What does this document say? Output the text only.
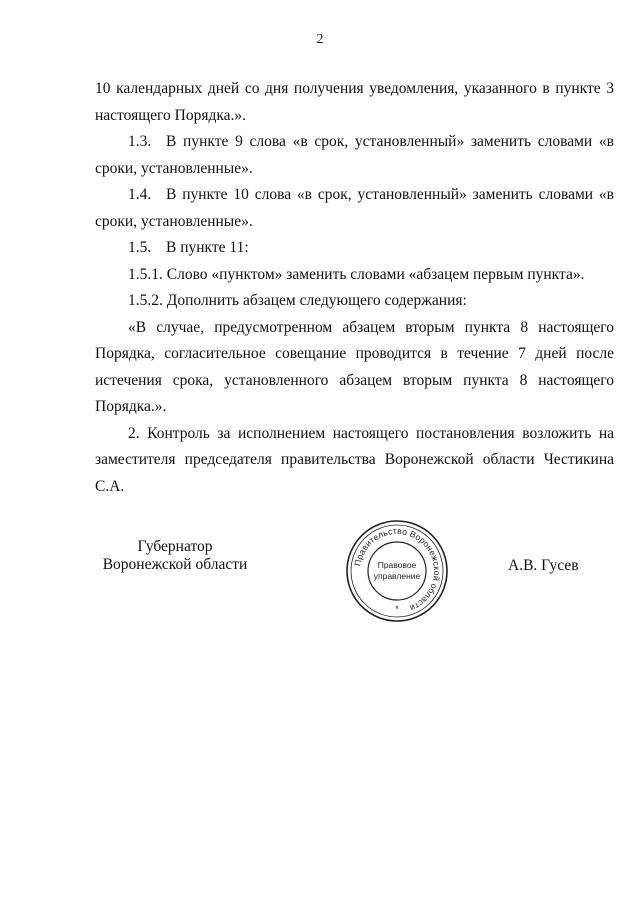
2

10 календарных дней со дня получения уведомления, указанного в пункте 3 настоящего Порядка.».

1.3. В пункте 9 слова «в срок, установленный» заменить словами «в сроки, установленные».

1.4. В пункте 10 слова «в срок, установленный» заменить словами «в сроки, установленные».

1.5. В пункте 11:

1.5.1. Слово «пунктом» заменить словами «абзацем первым пункта».

1.5.2. Дополнить абзацем следующего содержания:

«В случае, предусмотренном абзацем вторым пункта 8 настоящего Порядка, согласительное совещание проводится в течение 7 дней после истечения срока, установленного абзацем вторым пункта 8 настоящего Порядка.».

2. Контроль за исполнением настоящего постановления возложить на заместителя председателя правительства Воронежской области Честикина С.А.

Губернатор
Воронежской области	Правительство Воронежской области
Правовое
управление
*
А.В. Гусев
